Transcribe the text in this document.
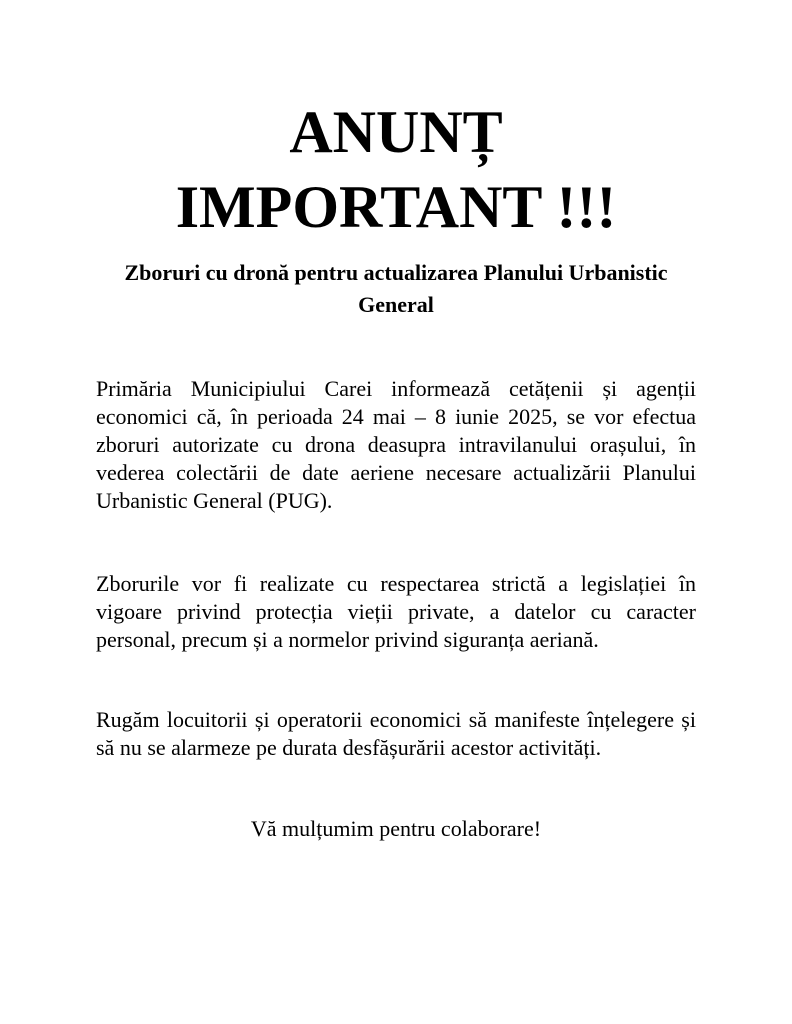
ANUNȚ
IMPORTANT !!!
Zboruri cu dronă pentru actualizarea Planului Urbanistic General

Primăria Municipiului Carei informează cetățenii și agenții economici că, în perioada 24 mai – 8 iunie 2025, se vor efectua zboruri autorizate cu drona deasupra intravilanului orașului, în vederea colectării de date aeriene necesare actualizării Planului Urbanistic General (PUG).

Zborurile vor fi realizate cu respectarea strictă a legislației în vigoare privind protecția vieții private, a datelor cu caracter personal, precum și a normelor privind siguranța aeriană.

Rugăm locuitorii și operatorii economici să manifeste înțelegere și să nu se alarmeze pe durata desfășurării acestor activități.

Vă mulțumim pentru colaborare!
